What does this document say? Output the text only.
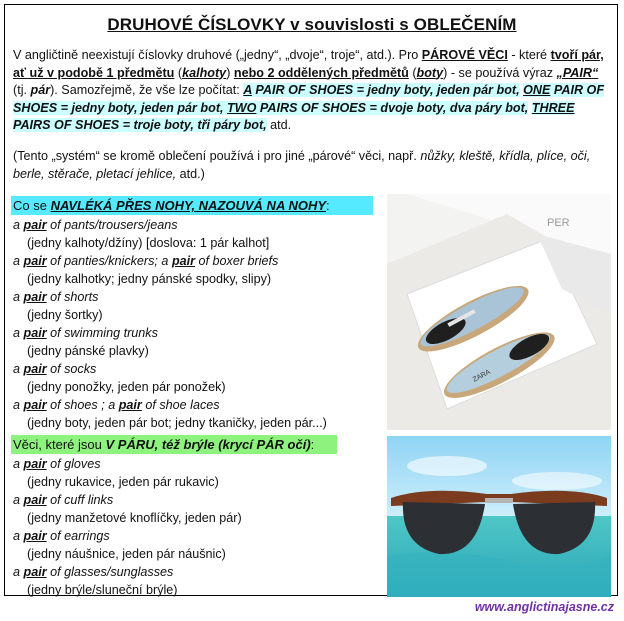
DRUHOVÉ ČÍSLOVKY v souvislosti s OBLEČENÍM
V angličtině neexistují číslovky druhové („jedny“, „dvoje“, troje“, atd.). Pro PÁROVÉ VĚCI - které tvoří pár, ať už v podobě 1 předmětu (kalhoty) nebo 2 oddělených předmětů (boty) - se používá výraz „PAIR“ (tj. pár). Samozřejmě, že vše lze počítat: A PAIR OF SHOES = jedny boty, jeden pár bot, ONE PAIR OF SHOES = jedny boty, jeden pár bot, TWO PAIRS OF SHOES = dvoje boty, dva páry bot, THREE PAIRS OF SHOES = troje boty, tři páry bot, atd.
(Tento „systém“ se kromě oblečení používá i pro jiné „párové“ věci, např. nůžky, kleště, křídla, plíce, oči, berle, stěrače, pletací jehlice, atd.)
Co se NAVLÉKÁ PŘES NOHY, NAZOUVÁ NA NOHY:
a pair of pants/trousers/jeans
(jedny kalhoty/džíny) [doslova: 1 pár kalhot]
a pair of panties/knickers; a pair of boxer briefs
(jedny kalhotky; jedny pánské spodky, slipy)
a pair of shorts
(jedny šortky)
a pair of swimming trunks
(jedny pánské plavky)
a pair of socks
(jedny ponožky, jeden pár ponožek)
a pair of shoes ; a pair of shoe laces
(jedny boty, jeden pár bot; jedny tkaničky, jeden pár...)
PER
ZARA
Věci, které jsou V PÁRU, též brýle (krycí PÁR očí):
a pair of gloves
(jedny rukavice, jeden pár rukavic)
a pair of cuff links
(jedny manžetové knoflíčky, jeden pár)
a pair of earrings
(jedny náušnice, jeden pár náušnic)
a pair of glasses/sunglasses
(jedny brýle/sluneční brýle)
www.anglictinajasne.cz
